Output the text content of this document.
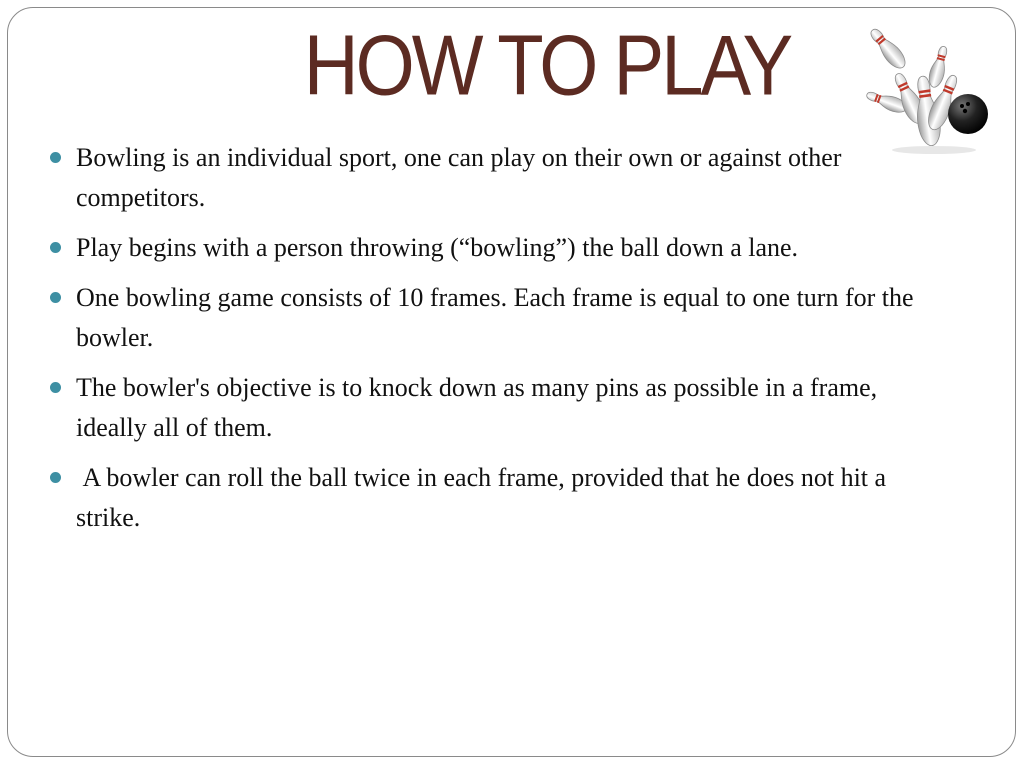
HOW TO PLAY
Bowling is an individual sport, one can play on their own or against other competitors.
Play begins with a person throwing (“bowling”) the ball down a lane.
One bowling game consists of 10 frames. Each frame is equal to one turn for the bowler.
The bowler's objective is to knock down as many pins as possible in a frame, ideally all of them.
A bowler can roll the ball twice in each frame, provided that he does not hit a strike.
